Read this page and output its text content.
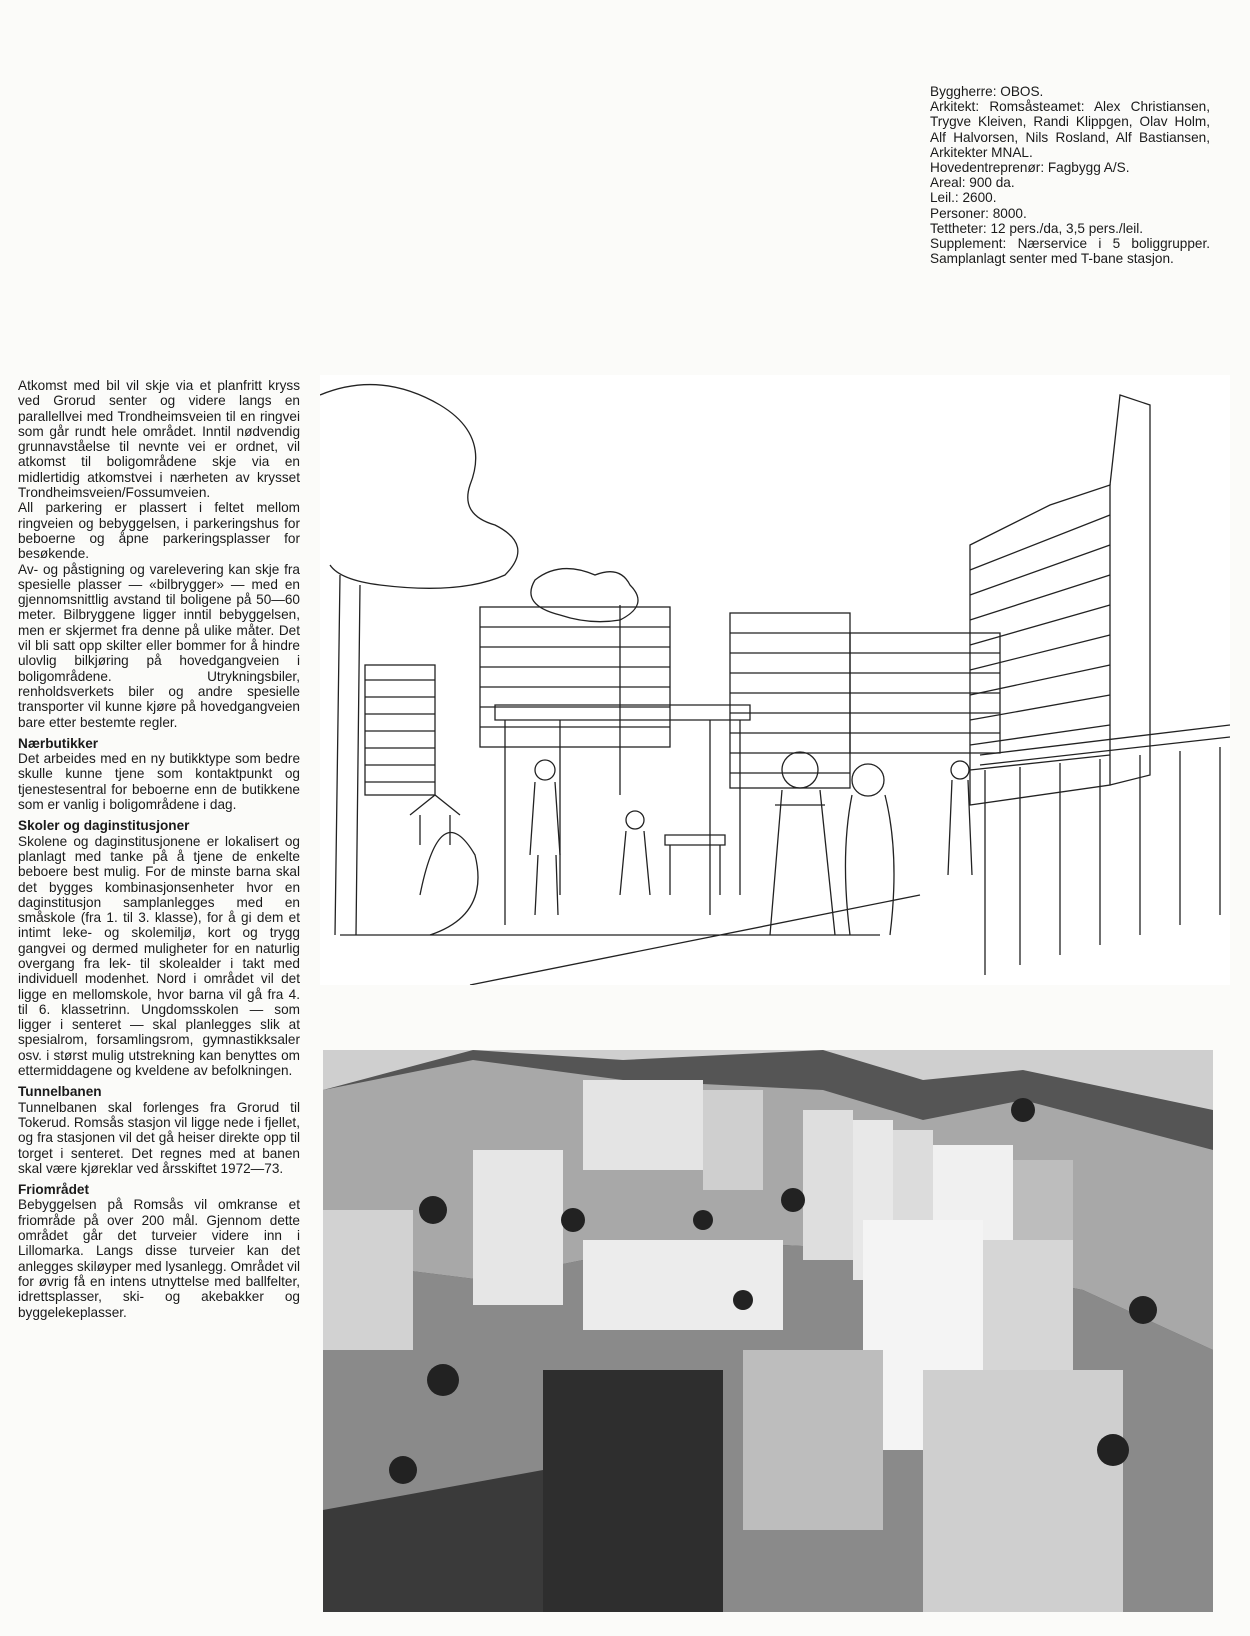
Byggherre: OBOS.
Arkitekt: Romsåsteamet: Alex Christiansen, Trygve Kleiven, Randi Klippgen, Olav Holm, Alf Halvorsen, Nils Rosland, Alf Bastiansen, Arkitekter MNAL.
Hovedentreprenør: Fagbygg A/S.
Areal: 900 da.
Leil.: 2600.
Personer: 8000.
Tettheter: 12 pers./da, 3,5 pers./leil.
Supplement: Nærservice i 5 boliggrupper. Samplanlagt senter med T-bane stasjon.

Atkomst med bil vil skje via et planfritt kryss ved Grorud senter og videre langs en parallellvei med Trondheimsveien til en ringvei som går rundt hele området. Inntil nødvendig grunnavståelse til nevnte vei er ordnet, vil atkomst til boligområdene skje via en midlertidig atkomstvei i nærheten av krysset Trondheimsveien/Fossumveien.

All parkering er plassert i feltet mellom ringveien og bebyggelsen, i parkeringshus for beboerne og åpne parkeringsplasser for besøkende.

Av- og påstigning og varelevering kan skje fra spesielle plasser — «bilbrygger» — med en gjennomsnittlig avstand til boligene på 50—60 meter. Bilbryggene ligger inntil bebyggelsen, men er skjermet fra denne på ulike måter. Det vil bli satt opp skilter eller bommer for å hindre ulovlig bilkjøring på hovedgangveien i boligområdene. Utrykningsbiler, renholdsverkets biler og andre spesielle transporter vil kunne kjøre på hovedgangveien bare etter bestemte regler.

Nærbutikker

Det arbeides med en ny butikktype som bedre skulle kunne tjene som kontaktpunkt og tjenestesentral for beboerne enn de butikkene som er vanlig i boligområdene i dag.

Skoler og daginstitusjoner

Skolene og daginstitusjonene er lokalisert og planlagt med tanke på å tjene de enkelte beboere best mulig. For de minste barna skal det bygges kombinasjonsenheter hvor en daginstitusjon samplanlegges med en småskole (fra 1. til 3. klasse), for å gi dem et intimt leke- og skolemiljø, kort og trygg gangvei og dermed muligheter for en naturlig overgang fra lek- til skolealder i takt med individuell modenhet. Nord i området vil det ligge en mellomskole, hvor barna vil gå fra 4. til 6. klassetrinn. Ungdomsskolen — som ligger i senteret — skal planlegges slik at spesialrom, forsamlingsrom, gymnastikksaler osv. i størst mulig utstrekning kan benyttes om ettermiddagene og kveldene av befolkningen.

Tunnelbanen

Tunnelbanen skal forlenges fra Grorud til Tokerud. Romsås stasjon vil ligge nede i fjellet, og fra stasjonen vil det gå heiser direkte opp til torget i senteret. Det regnes med at banen skal være kjøreklar ved årsskiftet 1972—73.

Friområdet

Bebyggelsen på Romsås vil omkranse et friområde på over 200 mål. Gjennom dette området går det turveier videre inn i Lillomarka. Langs disse turveier kan det anlegges skiløyper med lysanlegg. Området vil for øvrig få en intens utnyttelse med ballfelter, idrettsplasser, ski- og akebakker og byggelekeplasser.
